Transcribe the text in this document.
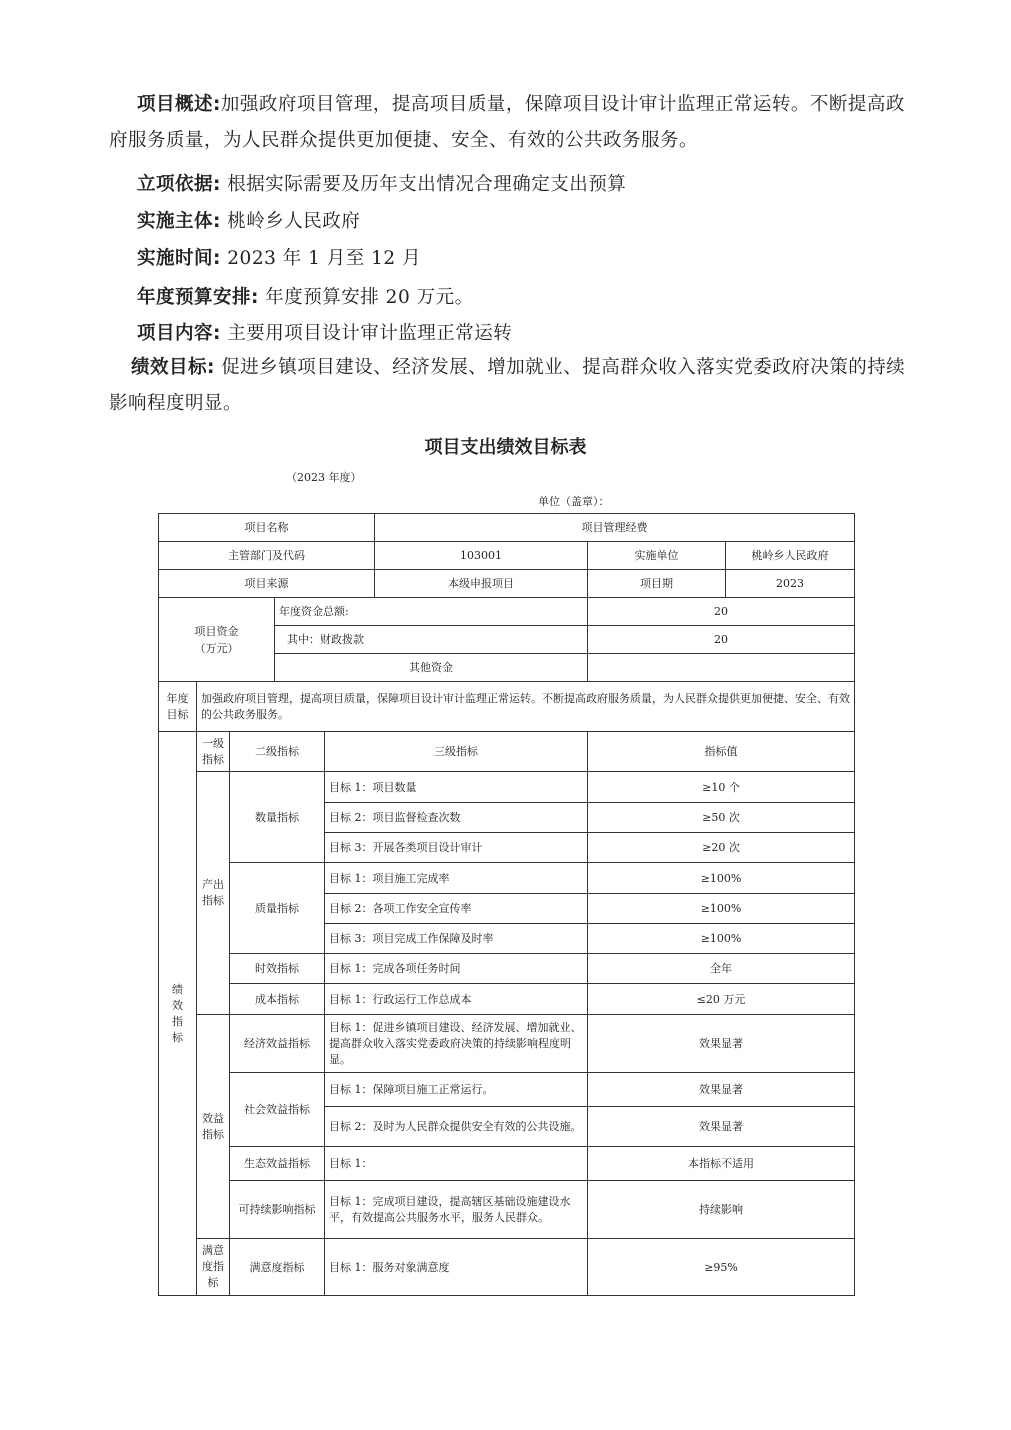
项目概述:加强政府项目管理，提高项目质量，保障项目设计审计监理正常运转。不断提高政府服务质量，为人民群众提供更加便捷、安全、有效的公共政务服务。
立项依据: 根据实际需要及历年支出情况合理确定支出预算
实施主体: 桃岭乡人民政府
实施时间: 2023 年 1 月至 12 月
年度预算安排: 年度预算安排 20 万元。
项目内容: 主要用项目设计审计监理正常运转
绩效目标: 促进乡镇项目建设、经济发展、增加就业、提高群众收入落实党委政府决策的持续影响程度明显。
项目支出绩效目标表
（2023 年度）
单位（盖章）：
项目名称					项目管理经费		
主管部门及代码					103001	实施单位	桃岭乡人民政府
项目来源					本级申报项目	项目期	2023
项目资金
（万元）			年度资金总额:			20	
			其中：财政拨款			20	
			其他资金				
年度
目标	加强政府项目管理，提高项目质量，保障项目设计审计监理正常运转。不断提高政府服务质量，为人民群众提供更加便捷、安全、有效的公共政务服务。						
绩
效
指
标	一级指标	二级指标		三级指标		指标值	
	产出指标	数量指标		目标 1：项目数量		≥10 个	
				目标 2：项目监督检查次数		≥50 次	
				目标 3：开展各类项目设计审计		≥20 次	
		质量指标		目标 1：项目施工完成率		≥100%	
				目标 2：各项工作安全宣传率		≥100%	
				目标 3：项目完成工作保障及时率		≥100%	
		时效指标		目标 1：完成各项任务时间		全年	
		成本指标		目标 1：行政运行工作总成本		≤20 万元	
	效益指标	经济效益指标		目标 1：促进乡镇项目建设、经济发展、增加就业、提高群众收入落实党委政府决策的持续影响程度明显。		效果显著	
		社会效益指标		目标 1：保障项目施工正常运行。		效果显著	
				目标 2：及时为人民群众提供安全有效的公共设施。		效果显著	
		生态效益指标		目标 1：		本指标不适用	
		可持续影响指标		目标 1：完成项目建设，提高辖区基础设施建设水平，有效提高公共服务水平，服务人民群众。		持续影响	
	满意度指标	满意度指标		目标 1：服务对象满意度		≥95%	
